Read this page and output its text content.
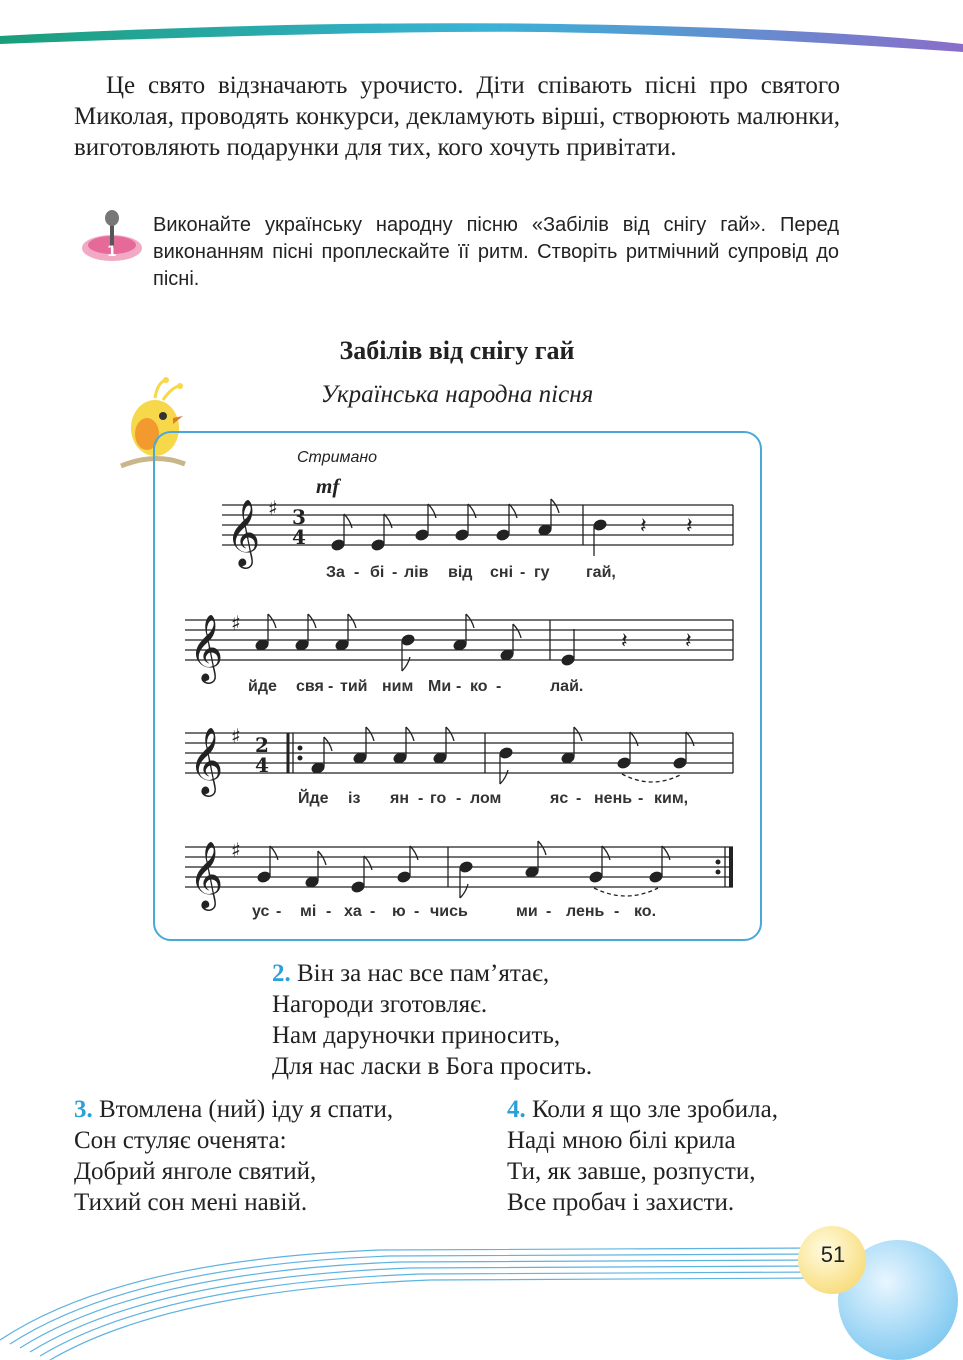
Це свято відзначають урочисто. Діти співають пісні про святого Миколая, проводять конкурси, декламують вірші, створюють малюнки, виготовляють подарунки для тих, кого хочуть привітати.
1
Виконайте українську народну пісню «Забілів від снігу гай». Перед виконанням пісні проплескайте її ритм. Створіть ритмічний супровід до пісні.
Забілів від снігу гай
Українська народна пісня
Стримано
mf
𝄞
𝄞
𝄞
𝄞
♯
♯
♯
♯
𝄽 𝄽
𝄽	𝄽
3
4
2
4
За - бі - лів від сні - гу гай,
йде свя - тий ним Ми - ко -	лай.
Йде із ян - го - лом	яс - нень - ким,
ус - мі - ха - ю - чись	ми - лень - ко.
2. Він за нас все пам’ятає,
Нагороди зготовляє.
Нам даруночки приносить,
Для нас ласки в Бога просить.
3. Втомлена (ний) іду я спати,
Сон стуляє оченята:
Добрий янголе святий,
Тихий сон мені навій.
4. Коли я що зле зробила,
Наді мною білі крила
Ти, як завше, розпусти,
Все пробач і захисти.
51
